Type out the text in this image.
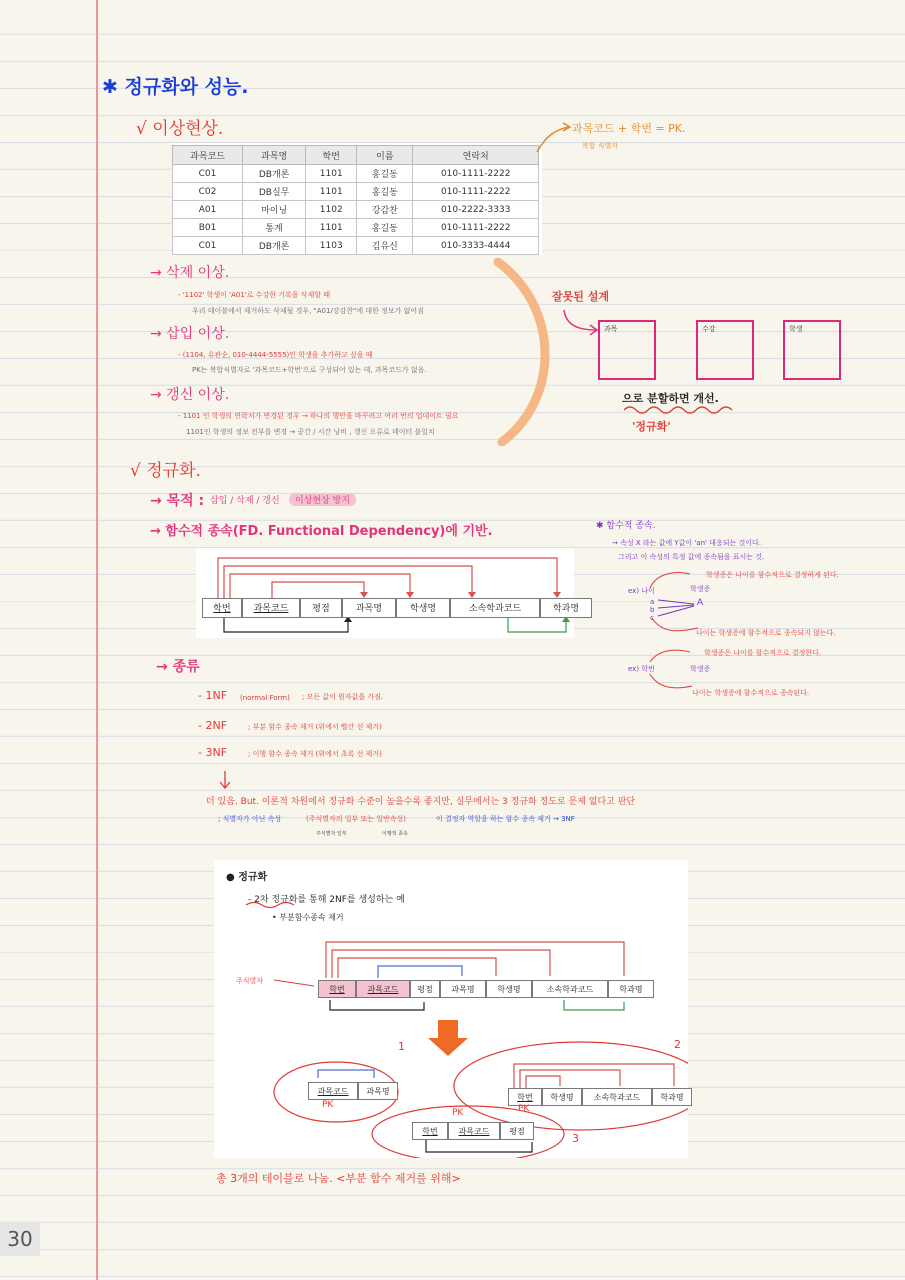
30
✱ 정규화와 성능.
√ 이상현상.
과목코드	과목명	학번	이름	연락처
C01	DB개론	1101	홍길동	010-1111-2222
C02	DB실무	1101	홍길동	010-1111-2222
A01	마이닝	1102	강감찬	010-2222-3333
B01	통계	1101	홍길동	010-1111-2222
C01	DB개론	1103	김유신	010-3333-4444
과목코드 + 학번 = PK.
복합 식별자
→ 삭제 이상.
- '1102' 학생이 'A01'로 수강한 기록을 삭제할 때
우리 데이블에서 제거하도 삭제될 경우, "A01/강감찬"에 대한 정보가 없어짐
→ 삽입 이상.
- (1104, 유관순, 010-4444-5555)인 학생을 추가하고 싶을 때
PK는 복합식별자로 '과목코드+학번'으로 구성되어 있는 데, 과목코드가 없음.
→ 갱신 이상.
- 1101 인 학생의 연락처가 변경된 경우 → 하나의 행만을 바꾸려고 여러 번의 업데이트 필요
1101인 학생의 정보 전부를 변경 → 공간 / 시간 낭비 , 갱신 오류로 데이터 불일치
잘못된 설계
과목	수강	학생
으로 분할하면 개선.
'정규화'
√ 정규화.
→ 목적 : 삽입 / 삭제 / 갱신	이상현상 방지
→ 함수적 종속(FD. Functional Dependency)에 기반.
학번	과목코드	평점	과목명	학생명	소속학과코드	학과명
✱ 함수적 종속.
→ 속성 X 라는 값에 Y값이 'an' 대응되는 것이다.
그리고 이 속성의 특정 값에 종속됨을 표시는 것.
ex) 나이	학생증
a
b
c
A
학생증은 나이를 함수적으로 결정하게 된다.
나이는 학생증에 함수적으로 종속되지 않는다.
ex) 학번	학생증
학생증은 나이를 함수적으로 결정한다.
나이는 학생증에 함수적으로 종속된다.
→ 종류
- 1NF (normal Form) ; 모든 값이 원자값을 가짐.
- 2NF	; 부분 함수 종속 제거 (위에서 빨간 선 제거)
- 3NF	; 이행 함수 종속 제거 (위에서 초록 선 제거)
더 있음. But. 이론적 차원에서 정규화 수준이 높을수록 좋지만, 실무에서는 3 정규화 정도로 문제 없다고 판단
; 식별자가 아닌 속성	(주식별자의 일부 또는 일반속성)	이 결정자 역할을 하는 함수 종속 제거 → 3NF
주식별자 일부	이행적 종속
● 정규화
- 2차 정규화를 통해 2NF를 생성하는 예
• 부분함수종속 제거
주식별자
학번	과목코드	평점	과목명	학생명	소속학과코드	학과명
1	2
3
과목코드	과목명
PK
학번	학생명	소속학과코드	학과명
PK
학번	과목코드	평점
PK
총 3개의 테이블로 나눔. <부분 함수 제거를 위해>
